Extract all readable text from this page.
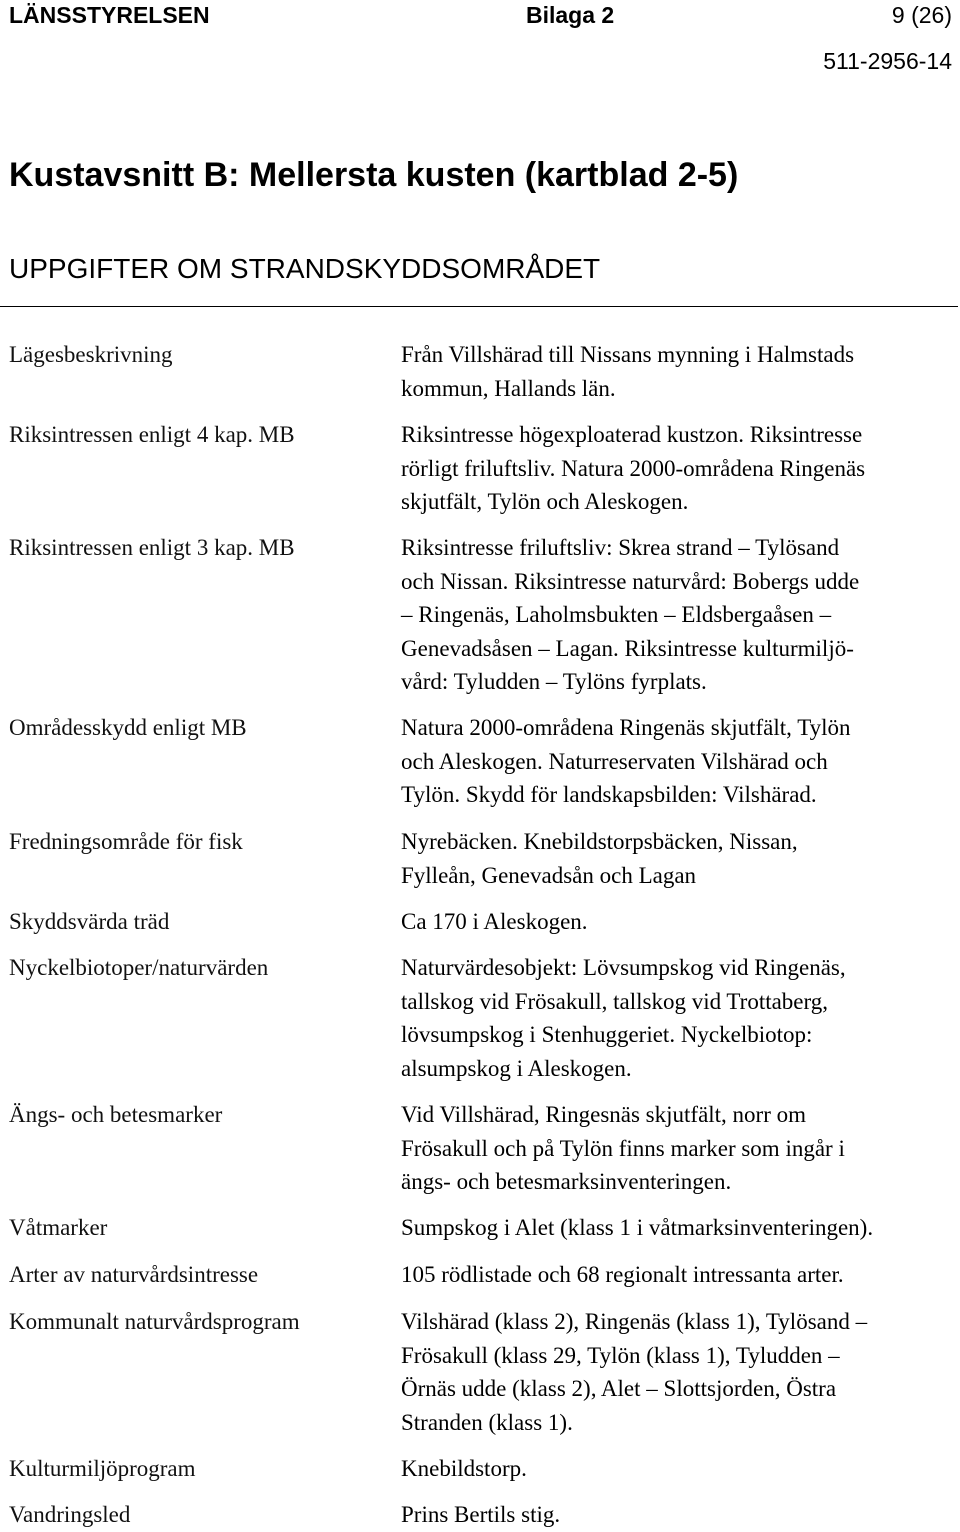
LÄNSSTYRELSEN	Bilaga 2	9 (26)
511-2956-14
Kustavsnitt B: Mellersta kusten (kartblad 2-5)
UPPGIFTER OM STRANDSKYDDSOMRÅDET
Lägesbeskrivning	Från Villshärad till Nissans mynning i Halmstads
kommun, Hallands län.
Riksintressen enligt 4 kap. MB	Riksintresse högexploaterad kustzon. Riksintresse
rörligt friluftsliv. Natura 2000-områdena Ringenäs
skjutfält, Tylön och Aleskogen.
Riksintressen enligt 3 kap. MB	Riksintresse friluftsliv: Skrea strand – Tylösand
och Nissan. Riksintresse naturvård: Bobergs udde
– Ringenäs, Laholmsbukten – Eldsbergaåsen –
Genevadsåsen – Lagan. Riksintresse kulturmiljö-
vård: Tyludden – Tylöns fyrplats.
Områdesskydd enligt MB	Natura 2000-områdena Ringenäs skjutfält, Tylön
och Aleskogen. Naturreservaten Vilshärad och
Tylön. Skydd för landskapsbilden: Vilshärad.
Fredningsområde för fisk	Nyrebäcken. Knebildstorpsbäcken, Nissan,
Fylleån, Genevadsån och Lagan
Skyddsvärda träd	Ca 170 i Aleskogen.
Nyckelbiotoper/naturvärden	Naturvärdesobjekt: Lövsumpskog vid Ringenäs,
tallskog vid Frösakull, tallskog vid Trottaberg,
lövsumpskog i Stenhuggeriet. Nyckelbiotop:
alsumpskog i Aleskogen.
Ängs- och betesmarker	Vid Villshärad, Ringesnäs skjutfält, norr om
Frösakull och på Tylön finns marker som ingår i
ängs- och betesmarksinventeringen.
Våtmarker	Sumpskog i Alet (klass 1 i våtmarksinventeringen).
Arter av naturvårdsintresse	105 rödlistade och 68 regionalt intressanta arter.
Kommunalt naturvårdsprogram	Vilshärad (klass 2), Ringenäs (klass 1), Tylösand –
Frösakull (klass 29, Tylön (klass 1), Tyludden –
Örnäs udde (klass 2), Alet – Slottsjorden, Östra
Stranden (klass 1).
Kulturmiljöprogram	Knebildstorp.
Vandringsled	Prins Bertils stig.
